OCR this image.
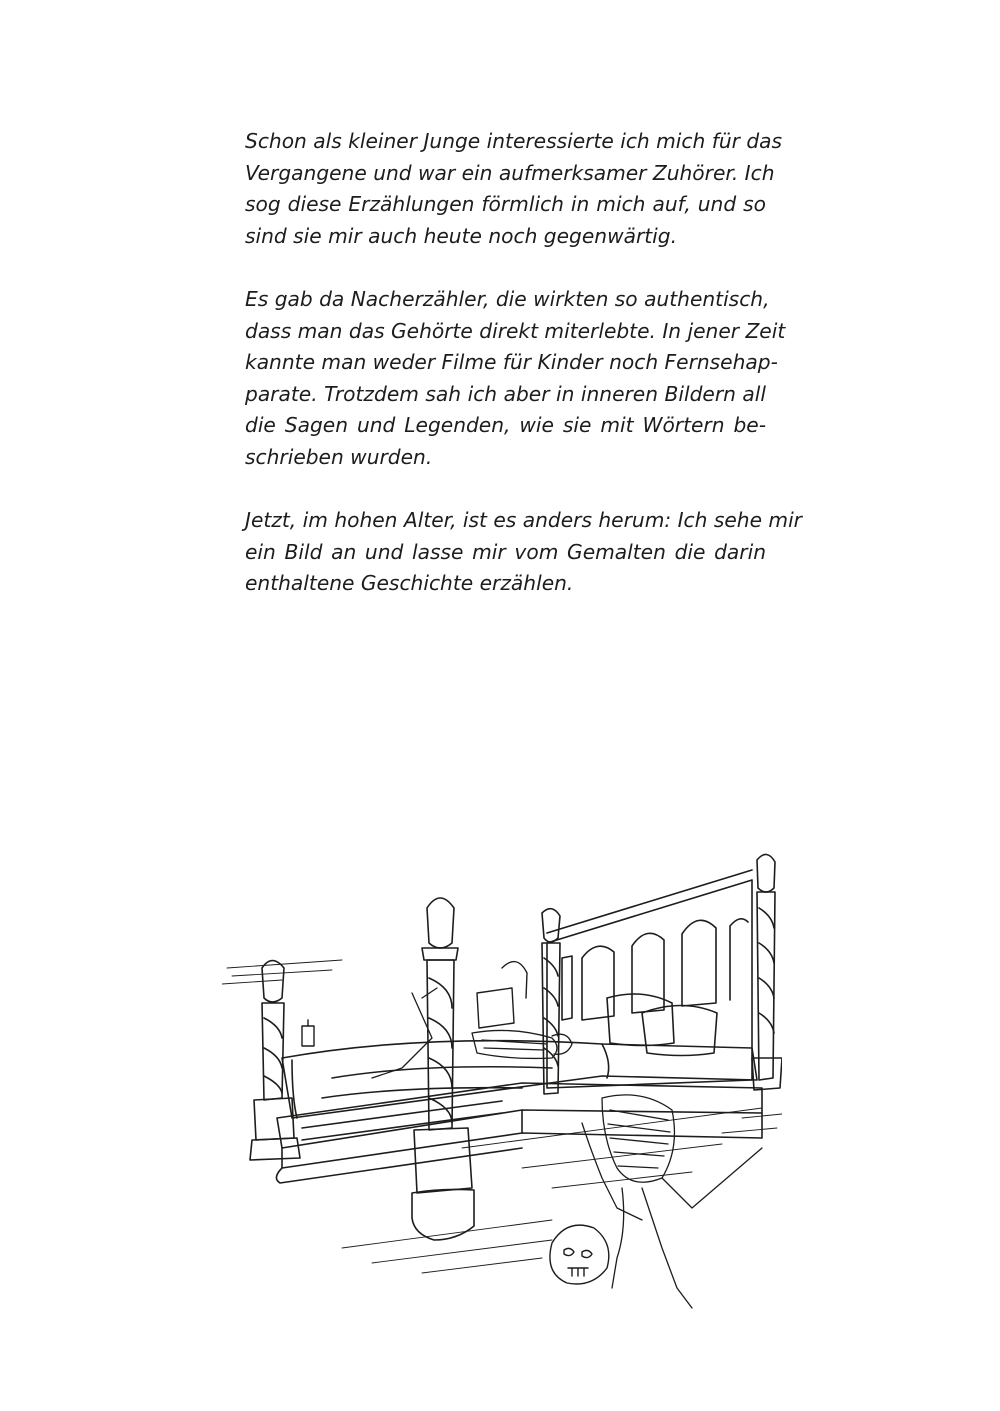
Schon als kleiner Junge interessierte ich mich für das
Vergangene und war ein aufmerksamer Zuhörer. Ich
sog diese Erzählungen förmlich in mich auf, und so
sind sie mir auch heute noch gegenwärtig.

Es gab da Nacherzähler, die wirkten so authentisch,
dass man das Gehörte direkt miterlebte. In jener Zeit
kannte man weder Filme für Kinder noch Fernsehap-
parate. Trotzdem sah ich aber in inneren Bildern all
die Sagen und Legenden, wie sie mit Wörtern be-
schrieben wurden.

Jetzt, im hohen Alter, ist es anders herum: Ich sehe mir
ein Bild an und lasse mir vom Gemalten die darin
enthaltene Geschichte erzählen.
